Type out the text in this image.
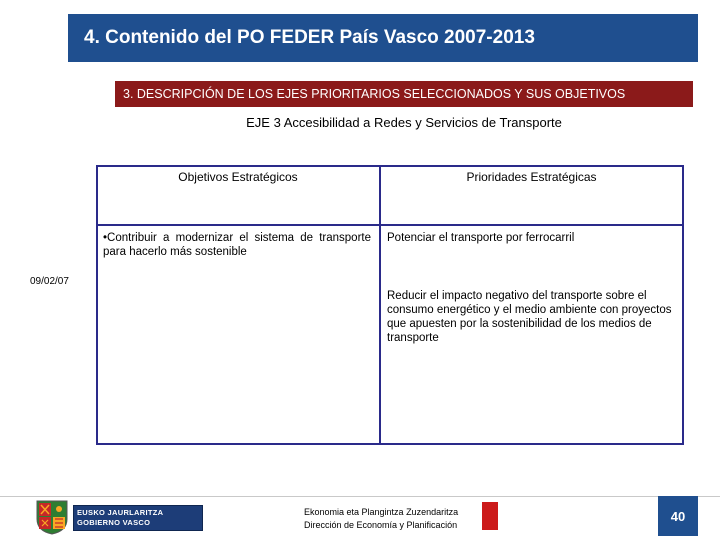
4. Contenido del PO FEDER País Vasco 2007-2013
3. DESCRIPCIÓN DE LOS EJES PRIORITARIOS SELECCIONADOS Y SUS OBJETIVOS
EJE 3 Accesibilidad a Redes y Servicios de Transporte
09/02/07
Objetivos Estratégicos	Prioridades Estratégicas
•Contribuir a modernizar el sistema de transporte para hacerlo más sostenible
Potenciar el transporte por ferrocarril
Reducir el impacto negativo del transporte sobre el consumo energético y el medio ambiente con proyectos que apuesten por la sostenibilidad de los medios de transporte
EUSKO JAURLARITZA
GOBIERNO VASCO
Ekonomia eta Plangintza Zuzendaritza
Dirección de Economía y Planificación
40
